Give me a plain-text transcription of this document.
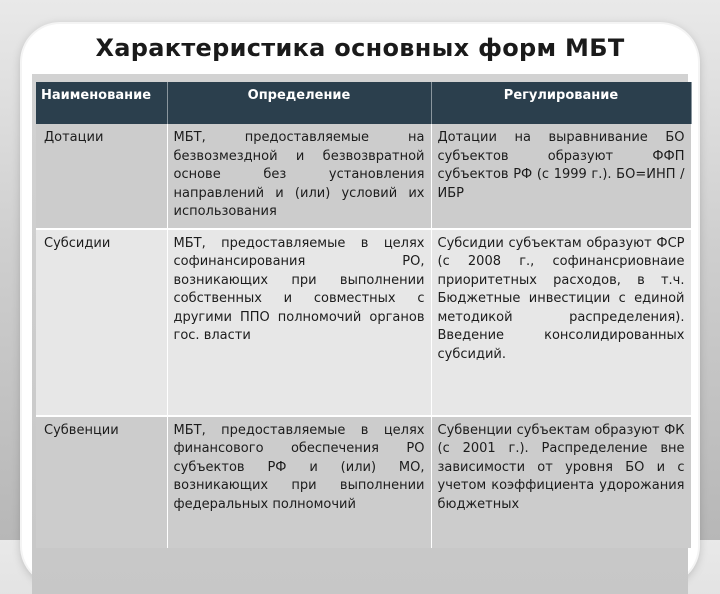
Характеристика основных форм МБТ
Наименование	Определение	Регулирование
Дотации	МБТ, предоставляемые на безвозмездной и безвозвратной основе без установления направлений и (или) условий их использования	Дотации на выравнивание БО субъектов образуют ФФП субъектов РФ (с 1999 г.). БО=ИНП / ИБР
Субсидии	МБТ, предоставляемые в целях софинансирования РО, возникающих при выполнении собственных и совместных с другими ППО полномочий органов гос. власти	Субсидии субъектам образуют ФСР (с 2008 г., софинансриовнаие приоритетных расходов, в т.ч. Бюджетные инвестиции с единой методикой распределения). Введение консолидированных субсидий.
Субвенции	МБТ, предоставляемые в целях финансового обеспечения РО субъектов РФ и (или) МО, возникающих при выполнении федеральных полномочий	Субвенции субъектам образуют ФК (с 2001 г.). Распределение вне зависимости от уровня БО и с учетом коэффициента удорожания бюджетных
